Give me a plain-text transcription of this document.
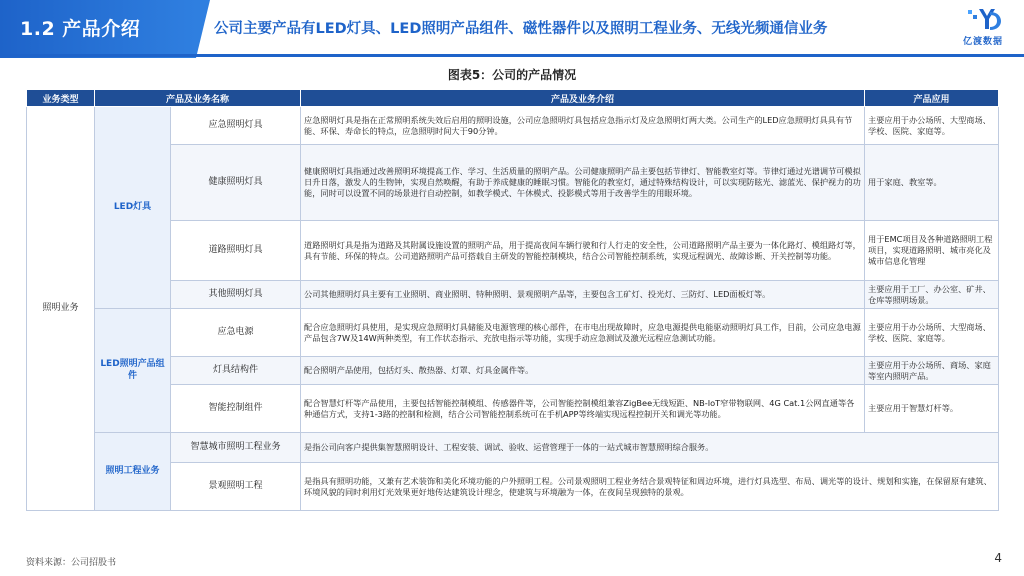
1.2 产品介绍	公司主要产品有LED灯具、LED照明产品组件、磁性器件以及照明工程业务、无线光频通信业务
亿渡数据
图表5：公司的产品情况
业务类型	产品及业务名称		产品及业务介绍	产品应用
照明业务	LED灯具	应急照明灯具	应急照明灯具是指在正常照明系统失效后启用的照明设施，公司应急照明灯具包括应急指示灯及应急照明灯两大类。公司生产的LED应急照明灯具具有节能、环保、寿命长的特点，应急照明时间大于90分钟。	主要应用于办公场所、大型商场、学校、医院、家庭等。
		健康照明灯具	健康照明灯具指通过改善照明环境提高工作、学习、生活质量的照明产品。公司健康照明产品主要包括节律灯、智能教室灯等。节律灯通过光谱调节可模拟日升日落，激发人的生物钟，实现自然唤醒，有助于养成健康的睡眠习惯。智能化的教室灯，通过特殊结构设计，可以实现防眩光、滤蓝光、保护视力的功能，同时可以设置不同的场景进行自动控制，如教学模式、午休模式、投影模式等用于改善学生的用眼环境。	用于家庭、教室等。
		道路照明灯具	道路照明灯具是指为道路及其附属设施设置的照明产品，用于提高夜间车辆行驶和行人行走的安全性，公司道路照明产品主要为一体化路灯、模组路灯等，具有节能、环保的特点。公司道路照明产品可搭载自主研发的智能控制模块，结合公司智能控制系统，实现远程调光、故障诊断、开关控制等功能。	用于EMC项目及各种道路照明工程项目，实现道路照明、城市亮化及城市信息化管理
		其他照明灯具	公司其他照明灯具主要有工业照明、商业照明、特种照明、景观照明产品等，主要包含工矿灯、投光灯、三防灯、LED面板灯等。	主要应用于工厂、办公室、矿井、仓库等照明场景。
	LED照明产品组件	应急电源	配合应急照明灯具使用，是实现应急照明灯具储能及电源管理的核心部件，在市电出现故障时，应急电源提供电能驱动照明灯具工作，目前，公司应急电源产品包含7W及14W两种类型，有工作状态指示、充放电指示等功能，实现手动应急测试及激光远程应急测试功能。	主要应用于办公场所、大型商场、学校、医院、家庭等。
		灯具结构件	配合照明产品使用，包括灯头、散热器、灯罩、灯具金属件等。	主要应用于办公场所、商场、家庭等室内照明产品。
		智能控制组件	配合智慧灯杆等产品使用，主要包括智能控制模组、传感器件等，公司智能控制模组兼容ZigBee无线短距、NB-IoT窄带物联网、4G Cat.1公网直通等各种通信方式，支持1-3路的控制和检测，结合公司智能控制系统可在手机APP等终端实现远程控制开关和调光等功能。	主要应用于智慧灯杆等。
	照明工程业务	智慧城市照明工程业务	是指公司向客户提供集智慧照明设计、工程安装、调试、验收、运营管理于一体的一站式城市智慧照明综合服务。	
		景观照明工程	是指具有照明功能，又兼有艺术装饰和美化环境功能的户外照明工程。公司景观照明工程业务结合景观特征和周边环境，进行灯具选型、布局、调光等的设计、规划和实施，在保留原有建筑、环境风貌的同时利用灯光效果更好地传达建筑设计理念，使建筑与环境融为一体，在夜间呈现独特的景观。	
资料来源：公司招股书	4
